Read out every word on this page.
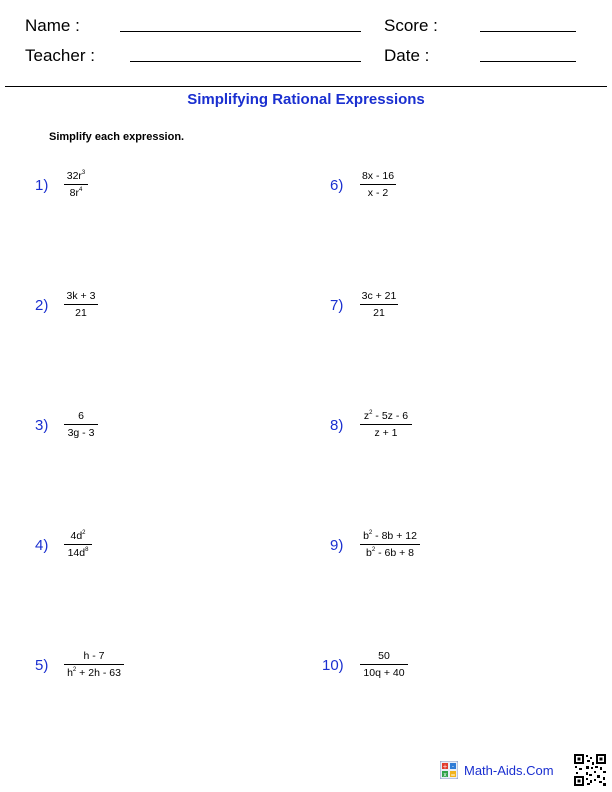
Name :	Score :
Teacher :	Date :
Simplifying Rational Expressions
Simplify each expression.
1)
$32r^3$
$8r^4$
2)
3k + 3
21
3)
6
3g - 3
4)
$4d^2$
$14d^8$
5)
h - 7
$h^2 + 2h - 63$
6)
8x - 16
x - 2
7)
3c + 21
21
8)
$z^2 - 5z - 6$
z + 1
9)
$b^2 - 8b + 12$
$b^2 - 6b + 8$
10)
50
10q + 40
+ -
x = Math-Aids.Com
